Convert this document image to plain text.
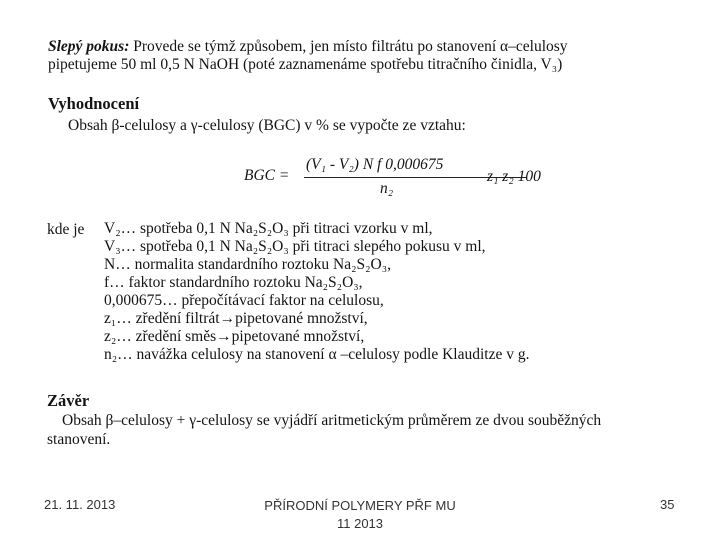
Slepý pokus: Provede se týmž způsobem, jen místo filtrátu po stanovení α–celulosy
pipetujeme 50 ml 0,5 N NaOH (poté zaznamenáme spotřebu titračního činidla, V₃)
Vyhodnocení
Obsah β-celulosy a γ-celulosy (BGC) v % se vypočte ze vztahu:
BGC =
(V₁ - V₂) N f 0,000675
n₂
z₁ z₂ 100
kde je V₂… spotřeba 0,1 N Na₂S₂O₃ při titraci vzorku v ml,
V₃… spotřeba 0,1 N Na₂S₂O₃ při titraci slepého pokusu v ml,
N… normalita standardního roztoku Na₂S₂O₃,
f… faktor standardního roztoku Na₂S₂O₃,
0,000675… přepočítávací faktor na celulosu,
z₁… zředění filtrát→pipetované množství,
z₂… zředění směs→pipetované množství,
n₂… navážka celulosy na stanovení α –celulosy podle Klauditze v g.
Závěr
Obsah β–celulosy + γ-celulosy se vyjádří aritmetickým průměrem ze dvou souběžných
stanovení.
21. 11. 2013	PŘÍRODNÍ POLYMERY PŘF MU
11 2013
35
